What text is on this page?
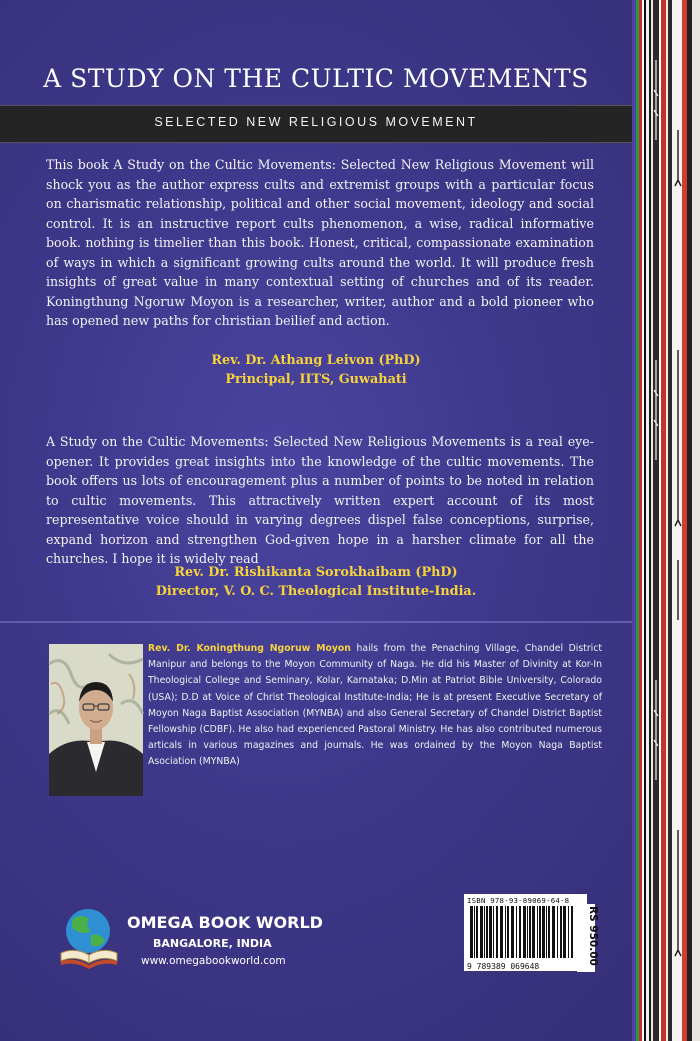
A STUDY ON THE CULTIC MOVEMENTS
SELECTED NEW RELIGIOUS MOVEMENT
This book A Study on the Cultic Movements: Selected New Religious Movement will shock you as the author express cults and extremist groups with a particular focus on charismatic relationship, political and other social movement, ideology and social control. It is an instructive report cults phenomenon, a wise, radical informative book. nothing is timelier than this book. Honest, critical, compassionate examination of ways in which a significant growing cults around the world. It will produce fresh insights of great value in many contextual setting of churches and of its reader. Koningthung Ngoruw Moyon is a researcher, writer, author and a bold pioneer who has opened new paths for christian beilief and action.
Rev. Dr. Athang Leivon (PhD)
Principal, IITS, Guwahati
A Study on the Cultic Movements: Selected New Religious Movements is a real eye-opener. It provides great insights into the knowledge of the cultic movements. The book offers us lots of encouragement plus a number of points to be noted in relation to cultic movements. This attractively written expert account of its most representative voice should in varying degrees dispel false conceptions, surprise, expand horizon and strengthen God-given hope in a harsher climate for all the churches. I hope it is widely read
Rev. Dr. Rishikanta Sorokhaibam (PhD)
Director, V. O. C. Theological Institute-India.
Rev. Dr. Koningthung Ngoruw Moyon hails from the Penaching Village, Chandel District Manipur and belongs to the Moyon Community of Naga. He did his Master of Divinity at Kor-In Theological College and Seminary, Kolar, Karnataka; D.Min at Patriot Bible University, Colorado (USA); D.D at Voice of Christ Theological Institute-India; He is at present Executive Secretary of Moyon Naga Baptist Association (MYNBA) and also General Secretary of Chandel District Baptist Fellowship (CDBF). He also had experienced Pastoral Ministry. He has also contributed numerous articals in various magazines and journals. He was ordained by the Moyon Naga Baptist Asociation (MYNBA)
OMEGA BOOK WORLD
BANGALORE, INDIA
www.omegabookworld.com	9 789389 069648
ISBN 978-93-89069-64-8
RS 950.00
